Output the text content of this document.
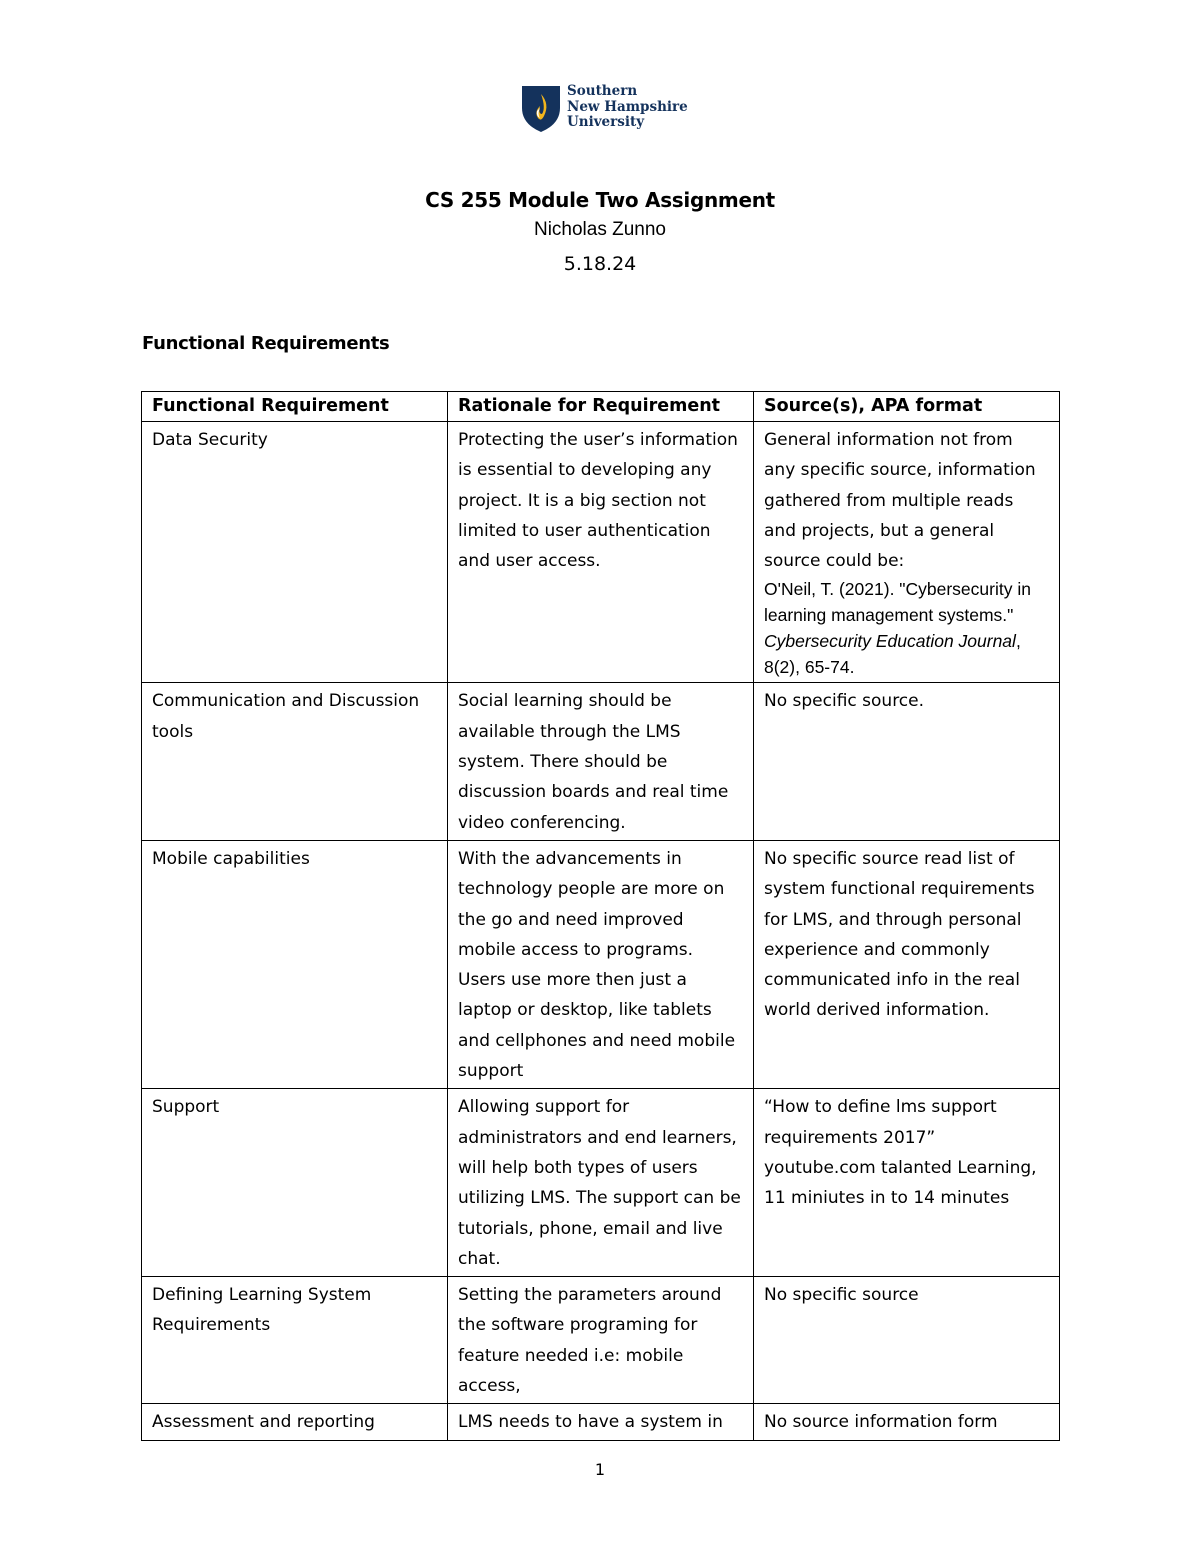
Southern
New Hampshire
University
CS 255 Module Two Assignment
Nicholas Zunno
5.18.24
Functional Requirements
Functional Requirement	Rationale for Requirement	Source(s), APA format
Data Security	Protecting the user’s information is essential to developing any project. It is a big section not limited to user authentication and user access.	General information not from any specific source, information gathered from multiple reads and projects, but a general source could be:
O'Neil, T. (2021). "Cybersecurity in learning management systems." Cybersecurity Education Journal, 8(2), 65-74.

Communication and Discussion tools	Social learning should be available through the LMS system. There should be discussion boards and real time video conferencing.	No specific source.
Mobile capabilities	With the advancements in technology people are more on the go and need improved mobile access to programs. Users use more then just a laptop or desktop, like tablets and cellphones and need mobile support	No specific source read list of system functional requirements for LMS, and through personal experience and commonly communicated info in the real world derived information.
Support	Allowing support for administrators and end learners, will help both types of users utilizing LMS. The support can be tutorials, phone, email and live chat.	“How to define lms support requirements 2017” youtube.com talanted Learning, 11 miniutes in to 14 minutes
Defining Learning System Requirements	Setting the parameters around the software programing for feature needed i.e: mobile access,	No specific source
Assessment and reporting	LMS needs to have a system in	No source information form
1
